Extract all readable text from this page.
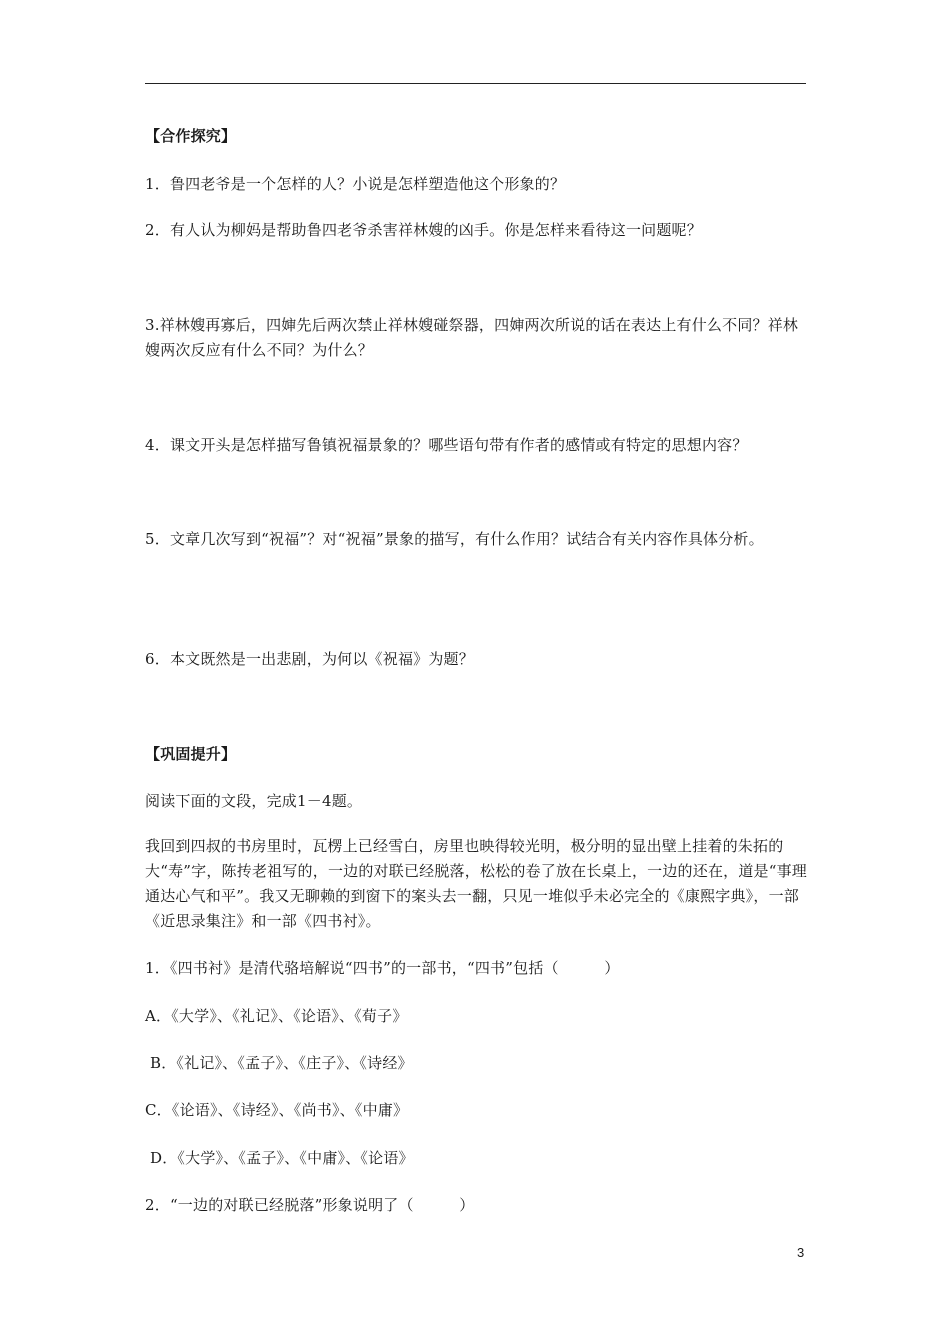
【合作探究】
1．鲁四老爷是一个怎样的人？小说是怎样塑造他这个形象的？
2．有人认为柳妈是帮助鲁四老爷杀害祥林嫂的凶手。你是怎样来看待这一问题呢？
3.祥林嫂再寡后，四婶先后两次禁止祥林嫂碰祭器，四婶两次所说的话在表达上有什么不同？祥林嫂两次反应有什么不同？为什么？
4．课文开头是怎样描写鲁镇祝福景象的？哪些语句带有作者的感情或有特定的思想内容？
5．文章几次写到“祝福”？对“祝福”景象的描写，有什么作用？试结合有关内容作具体分析。
6．本文既然是一出悲剧，为何以《祝福》为题？
【巩固提升】
阅读下面的文段，完成1－4题。
我回到四叔的书房里时，瓦楞上已经雪白，房里也映得较光明，极分明的显出壁上挂着的朱拓的大“寿”字，陈抟老祖写的，一边的对联已经脱落，松松的卷了放在长桌上，一边的还在，道是“事理通达心气和平”。我又无聊赖的到窗下的案头去一翻，只见一堆似乎未必完全的《康熙字典》，一部《近思录集注》和一部《四书衬》。
1．《四书衬》是清代骆培解说“四书”的一部书，“四书”包括（　　　）
A．《大学》、《礼记》、《论语》、《荀子》
B．《礼记》、《孟子》、《庄子》、《诗经》
C．《论语》、《诗经》、《尚书》、《中庸》
D．《大学》、《孟子》、《中庸》、《论语》
2．“一边的对联已经脱落”形象说明了（　　　）
3
